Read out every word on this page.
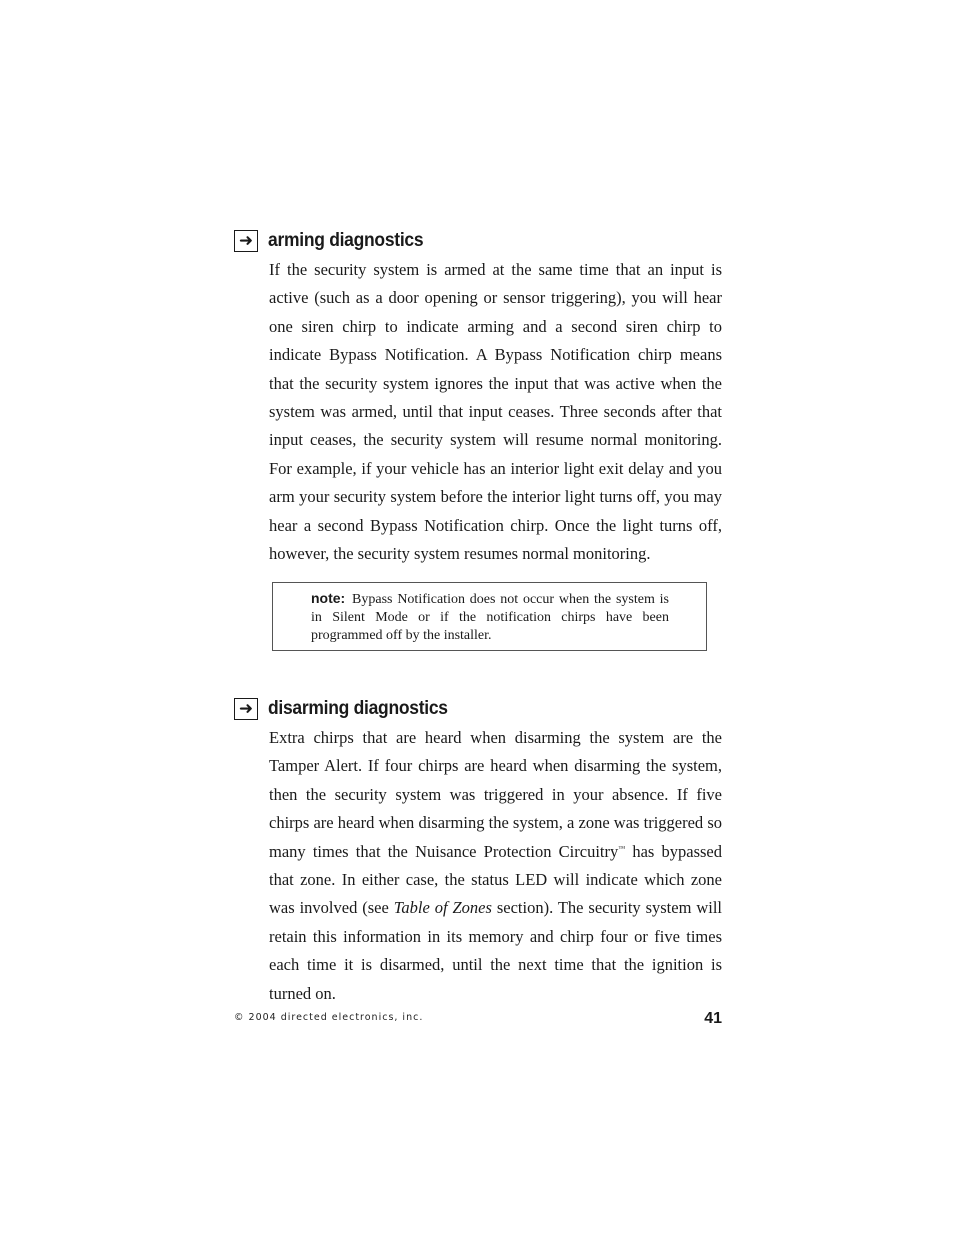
➜ arming diagnostics

If the security system is armed at the same time that an input is active (such as a door opening or sensor triggering), you will hear one siren chirp to indicate arming and a second siren chirp to indicate Bypass Notification. A Bypass Notification chirp means that the security system ignores the input that was active when the system was armed, until that input ceases. Three seconds after that input ceases, the security system will resume normal monitoring. For example, if your vehicle has an interior light exit delay and you arm your security system before the interior light turns off, you may hear a second Bypass Notification chirp. Once the light turns off, however, the security system resumes normal monitoring.

note: Bypass Notification does not occur when the system is in Silent Mode or if the notification chirps have been programmed off by the installer.
➜ disarming diagnostics

Extra chirps that are heard when disarming the system are the Tamper Alert. If four chirps are heard when disarming the system, then the security system was triggered in your absence. If five chirps are heard when disarming the system, a zone was triggered so many times that the Nuisance Protection Circuitry™ has bypassed that zone. In either case, the status LED will indicate which zone was involved (see Table of Zones section). The security system will retain this information in its memory and chirp four or five times each time it is disarmed, until the next time that the ignition is turned on.

© 2004 directed electronics, inc.	41
